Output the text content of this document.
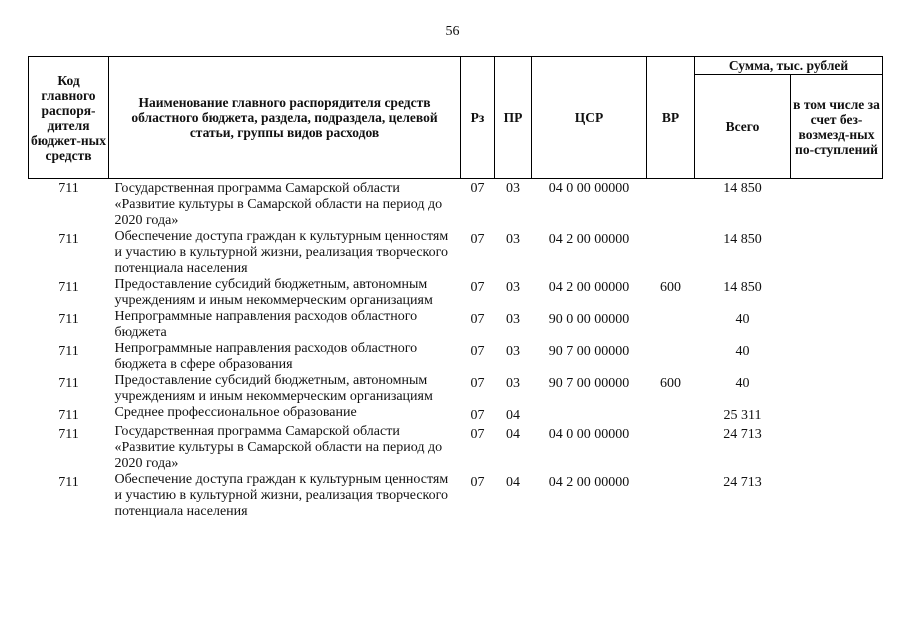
56
Код главного распоря-дителя бюджет-ных средств	Наименование главного распорядителя средств областного бюджета, раздела, подраздела, целевой статьи, группы видов расходов	Рз	ПР	ЦСР	ВР	Сумма, тыс. рублей	
						Всего	в том числе за счет без-возмезд-ных по-ступлений
711	Государственная программа Самарской области «Развитие культуры в Самарской области на период до 2020 года»	07	03	04 0 00 00000		14 850	
711	Обеспечение доступа граждан к культурным ценностям и участию в культурной жизни, реализация творческого потенциала населения	07	03	04 2 00 00000		14 850	
711	Предоставление субсидий бюджетным, автономным учреждениям и иным некоммерческим организациям	07	03	04 2 00 00000	600	14 850	
711	Непрограммные направления расходов областного бюджета	07	03	90 0 00 00000		40	
711	Непрограммные направления расходов областного бюджета в сфере образования	07	03	90 7 00 00000		40	
711	Предоставление субсидий бюджетным, автономным учреждениям и иным некоммерческим организациям	07	03	90 7 00 00000	600	40	
711	Среднее профессиональное образование	07	04			25 311	
711	Государственная программа Самарской области «Развитие культуры в Самарской области на период до 2020 года»	07	04	04 0 00 00000		24 713	
711	Обеспечение доступа граждан к культурным ценностям и участию в культурной жизни, реализация творческого потенциала населения	07	04	04 2 00 00000		24 713	
